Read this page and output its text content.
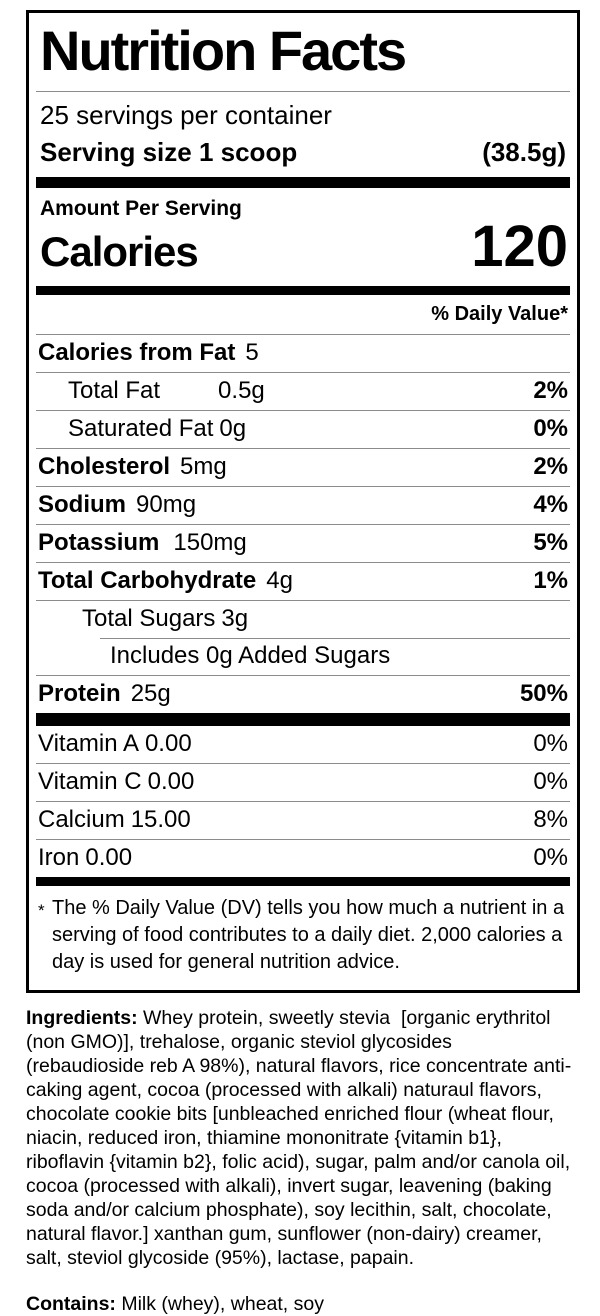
Nutrition Facts
25 servings per container
Serving size 1 scoop	(38.5g)
Amount Per Serving
Calories	120
% Daily Value*
Calories from Fat 5
Total Fat 0.5g	2%
Saturated Fat 0g	0%
Cholesterol 5mg	2%
Sodium 90mg	4%
Potassium 150mg	5%
Total Carbohydrate 4g	1%
Total Sugars 3g
Includes 0g Added Sugars
Protein 25g	50%
Vitamin A 0.00	0%
Vitamin C 0.00	0%
Calcium 15.00	8%
Iron 0.00	0%
* The % Daily Value (DV) tells you how much a nutrient in a serving of food contributes to a daily diet. 2,000 calories a day is used for general nutrition advice.
Ingredients: Whey protein, sweetly stevia  [organic erythritol (non GMO)], trehalose, organic steviol glycosides  (rebaudioside reb A 98%), natural flavors, rice concentrate anti-caking agent, cocoa (processed with alkali) naturaul flavors, chocolate cookie bits [unbleached enriched flour (wheat flour, niacin, reduced iron, thiamine mononitrate {vitamin b1}, riboflavin {vitamin b2}, folic acid), sugar, palm and/or canola oil, cocoa (processed with alkali), invert sugar, leavening (baking soda and/or calcium phosphate), soy lecithin, salt, chocolate, natural flavor.] xanthan gum, sunflower (non-dairy) creamer, salt, steviol glycoside (95%), lactase, papain.
Contains: Milk (whey), wheat, soy
